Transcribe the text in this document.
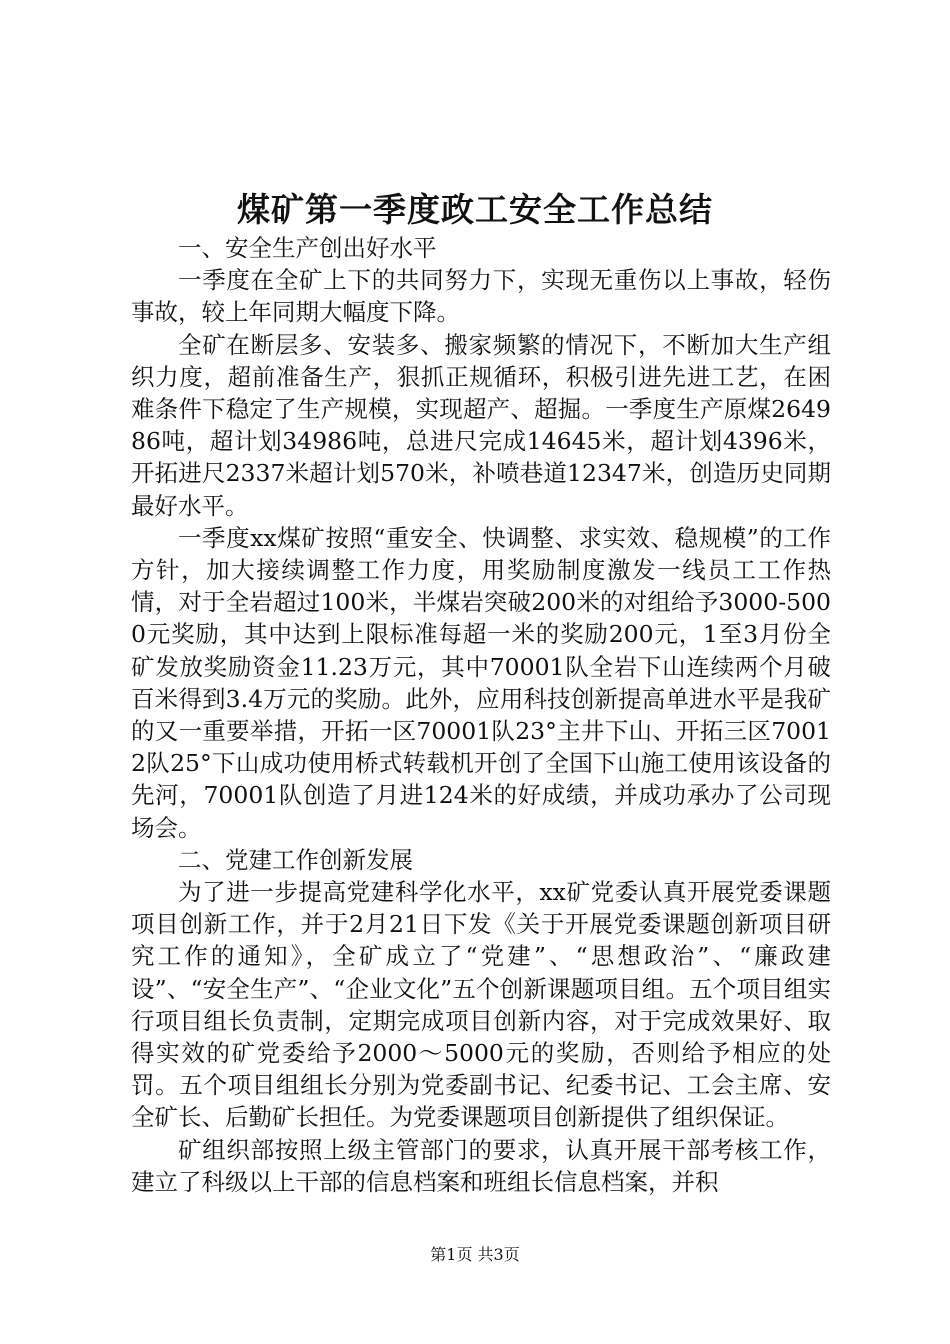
煤矿第一季度政工安全工作总结

一、安全生产创出好水平

一季度在全矿上下的共同努力下，实现无重伤以上事故，轻伤事故，较上年同期大幅度下降。

全矿在断层多、安装多、搬家频繁的情况下，不断加大生产组织力度，超前准备生产，狠抓正规循环，积极引进先进工艺，在困难条件下稳定了生产规模，实现超产、超掘。一季度生产原煤264986吨，超计划34986吨，总进尺完成14645米，超计划4396米，开拓进尺2337米超计划570米，补喷巷道12347米，创造历史同期最好水平。

一季度xx煤矿按照“重安全、快调整、求实效、稳规模”的工作方针，加大接续调整工作力度，用奖励制度激发一线员工工作热情，对于全岩超过100米，半煤岩突破200米的对组给予3000-5000元奖励，其中达到上限标准每超一米的奖励200元，1至3月份全矿发放奖励资金11.23万元，其中70001队全岩下山连续两个月破百米得到3.4万元的奖励。此外，应用科技创新提高单进水平是我矿的又一重要举措，开拓一区70001队23°主井下山、开拓三区70012队25°下山成功使用桥式转载机开创了全国下山施工使用该设备的先河，70001队创造了月进124米的好成绩，并成功承办了公司现场会。

二、党建工作创新发展

为了进一步提高党建科学化水平，xx矿党委认真开展党委课题项目创新工作，并于2月21日下发《关于开展党委课题创新项目研究工作的通知》，全矿成立了“党建”、“思想政治”、“廉政建设”、“安全生产”、“企业文化”五个创新课题项目组。五个项目组实行项目组长负责制，定期完成项目创新内容，对于完成效果好、取得实效的矿党委给予2000～5000元的奖励，否则给予相应的处罚。五个项目组组长分别为党委副书记、纪委书记、工会主席、安全矿长、后勤矿长担任。为党委课题项目创新提供了组织保证。

矿组织部按照上级主管部门的要求，认真开展干部考核工作，建立了科级以上干部的信息档案和班组长信息档案，并积

第1页 共3页
